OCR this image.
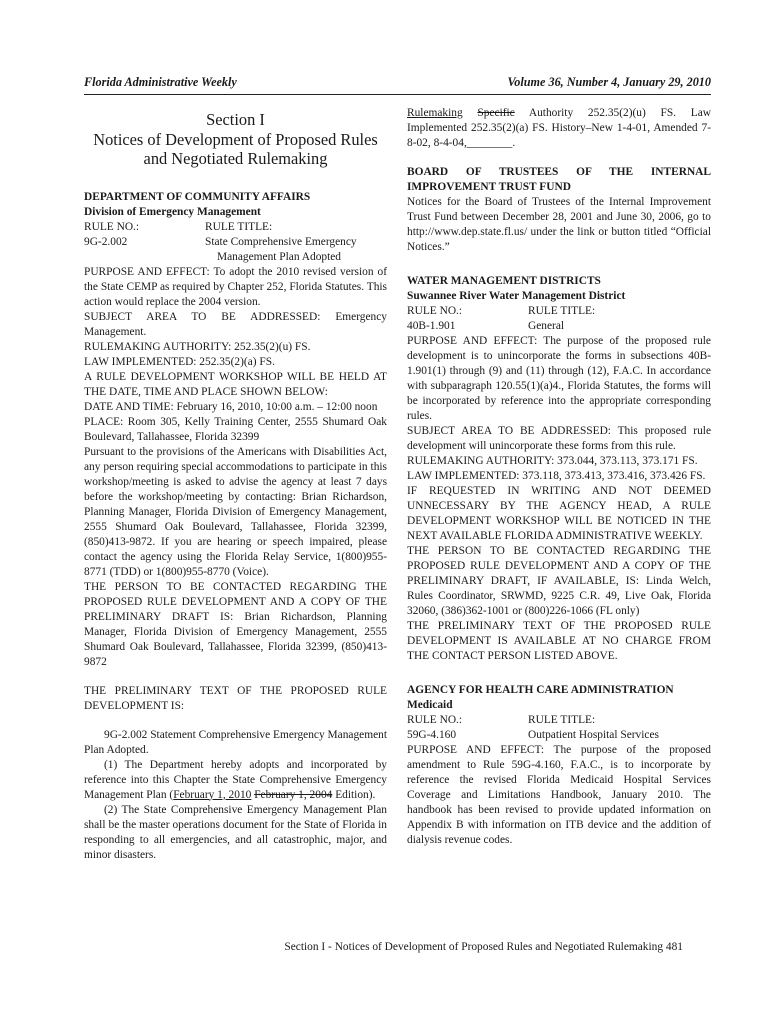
Florida Administrative Weekly	Volume 36, Number 4, January 29, 2010
Section I
Notices of Development of Proposed Rules
and Negotiated Rulemaking

DEPARTMENT OF COMMUNITY AFFAIRS

Division of Emergency Management

RULE NO.:	RULE TITLE:
9G-2.002	State Comprehensive Emergency
Management Plan Adopted

PURPOSE AND EFFECT: To adopt the 2010 revised version of the State CEMP as required by Chapter 252, Florida Statutes. This action would replace the 2004 version.

SUBJECT AREA TO BE ADDRESSED: Emergency Management.

RULEMAKING AUTHORITY: 252.35(2)(u) FS.

LAW IMPLEMENTED: 252.35(2)(a) FS.

A RULE DEVELOPMENT WORKSHOP WILL BE HELD AT THE DATE, TIME AND PLACE SHOWN BELOW:

DATE AND TIME: February 16, 2010, 10:00 a.m. – 12:00 noon

PLACE: Room 305, Kelly Training Center, 2555 Shumard Oak Boulevard, Tallahassee, Florida 32399

Pursuant to the provisions of the Americans with Disabilities Act, any person requiring special accommodations to participate in this workshop/meeting is asked to advise the agency at least 7 days before the workshop/meeting by contacting: Brian Richardson, Planning Manager, Florida Division of Emergency Management, 2555 Shumard Oak Boulevard, Tallahassee, Florida 32399, (850)413-9872. If you are hearing or speech impaired, please contact the agency using the Florida Relay Service, 1(800)955-8771 (TDD) or 1(800)955-8770 (Voice).

THE PERSON TO BE CONTACTED REGARDING THE PROPOSED RULE DEVELOPMENT AND A COPY OF THE PRELIMINARY DRAFT IS: Brian Richardson, Planning Manager, Florida Division of Emergency Management, 2555 Shumard Oak Boulevard, Tallahassee, Florida 32399, (850)413-9872

THE PRELIMINARY TEXT OF THE PROPOSED RULE DEVELOPMENT IS:

9G-2.002 Statement Comprehensive Emergency Management Plan Adopted.

(1) The Department hereby adopts and incorporated by reference into this Chapter the State Comprehensive Emergency Management Plan (February 1, 2010 February 1, 2004 Edition).

(2) The State Comprehensive Emergency Management Plan shall be the master operations document for the State of Florida in responding to all emergencies, and all catastrophic, major, and minor disasters.

Rulemaking Specific Authority 252.35(2)(u) FS. Law Implemented 252.35(2)(a) FS. History–New 1-4-01, Amended 7-8-02, 8-4-04,________.

BOARD OF TRUSTEES OF THE INTERNAL IMPROVEMENT TRUST FUND

Notices for the Board of Trustees of the Internal Improvement Trust Fund between December 28, 2001 and June 30, 2006, go to http://www.dep.state.fl.us/ under the link or button titled “Official Notices.”

WATER MANAGEMENT DISTRICTS

Suwannee River Water Management District

RULE NO.:	RULE TITLE:
40B-1.901	General

PURPOSE AND EFFECT: The purpose of the proposed rule development is to unincorporate the forms in subsections 40B-1.901(1) through (9) and (11) through (12), F.A.C. In accordance with subparagraph 120.55(1)(a)4., Florida Statutes, the forms will be incorporated by reference into the appropriate corresponding rules.

SUBJECT AREA TO BE ADDRESSED: This proposed rule development will unincorporate these forms from this rule.

RULEMAKING AUTHORITY: 373.044, 373.113, 373.171 FS.

LAW IMPLEMENTED: 373.118, 373.413, 373.416, 373.426 FS.

IF REQUESTED IN WRITING AND NOT DEEMED UNNECESSARY BY THE AGENCY HEAD, A RULE DEVELOPMENT WORKSHOP WILL BE NOTICED IN THE NEXT AVAILABLE FLORIDA ADMINISTRATIVE WEEKLY.

THE PERSON TO BE CONTACTED REGARDING THE PROPOSED RULE DEVELOPMENT AND A COPY OF THE PRELIMINARY DRAFT, IF AVAILABLE, IS: Linda Welch, Rules Coordinator, SRWMD, 9225 C.R. 49, Live Oak, Florida 32060, (386)362-1001 or (800)226-1066 (FL only)

THE PRELIMINARY TEXT OF THE PROPOSED RULE DEVELOPMENT IS AVAILABLE AT NO CHARGE FROM THE CONTACT PERSON LISTED ABOVE.

AGENCY FOR HEALTH CARE ADMINISTRATION

Medicaid

RULE NO.:	RULE TITLE:
59G-4.160	Outpatient Hospital Services

PURPOSE AND EFFECT: The purpose of the proposed amendment to Rule 59G-4.160, F.A.C., is to incorporate by reference the revised Florida Medicaid Hospital Services Coverage and Limitations Handbook, January 2010. The handbook has been revised to provide updated information on Appendix B with information on ITB device and the addition of dialysis revenue codes.

Section I - Notices of Development of Proposed Rules and Negotiated Rulemaking 481
